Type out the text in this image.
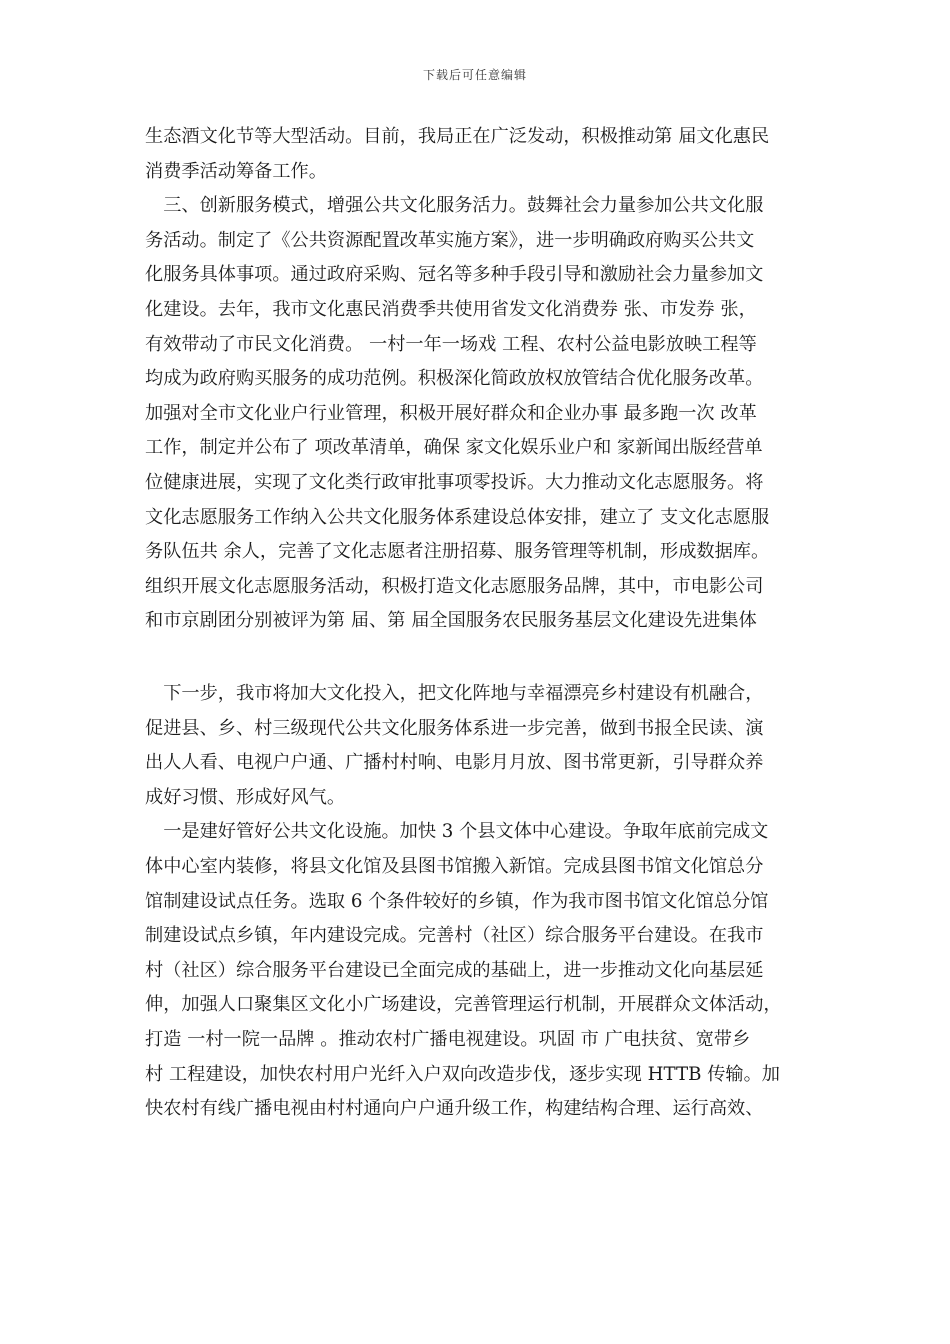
下载后可任意编辑
生态酒文化节等大型活动。目前，我局正在广泛发动，积极推动第 届文化惠民
消费季活动筹备工作。
　三、创新服务模式，增强公共文化服务活力。鼓舞社会力量参加公共文化服
务活动。制定了《公共资源配置改革实施方案》，进一步明确政府购买公共文
化服务具体事项。通过政府采购、冠名等多种手段引导和激励社会力量参加文
化建设。去年，我市文化惠民消费季共使用省发文化消费券 张、市发券 张，
有效带动了市民文化消费。 一村一年一场戏 工程、农村公益电影放映工程等
均成为政府购买服务的成功范例。积极深化简政放权放管结合优化服务改革。
加强对全市文化业户行业管理，积极开展好群众和企业办事 最多跑一次 改革
工作，制定并公布了 项改革清单，确保 家文化娱乐业户和 家新闻出版经营单
位健康进展，实现了文化类行政审批事项零投诉。大力推动文化志愿服务。将
文化志愿服务工作纳入公共文化服务体系建设总体安排，建立了 支文化志愿服
务队伍共 余人，完善了文化志愿者注册招募、服务管理等机制，形成数据库。
组织开展文化志愿服务活动，积极打造文化志愿服务品牌，其中，市电影公司
和市京剧团分别被评为第 届、第 届全国服务农民服务基层文化建设先进集体
　下一步，我市将加大文化投入，把文化阵地与幸福漂亮乡村建设有机融合，
促进县、乡、村三级现代公共文化服务体系进一步完善，做到书报全民读、演
出人人看、电视户户通、广播村村响、电影月月放、图书常更新，引导群众养
成好习惯、形成好风气。
　一是建好管好公共文化设施。加快 3 个县文体中心建设。争取年底前完成文
体中心室内装修，将县文化馆及县图书馆搬入新馆。完成县图书馆文化馆总分
馆制建设试点任务。选取 6 个条件较好的乡镇，作为我市图书馆文化馆总分馆
制建设试点乡镇，年内建设完成。完善村（社区）综合服务平台建设。在我市
村（社区）综合服务平台建设已全面完成的基础上，进一步推动文化向基层延
伸，加强人口聚集区文化小广场建设，完善管理运行机制，开展群众文体活动，
打造 一村一院一品牌 。推动农村广播电视建设。巩固 市 广电扶贫、宽带乡
村 工程建设，加快农村用户光纤入户双向改造步伐，逐步实现 HTTB 传输。加
快农村有线广播电视由村村通向户户通升级工作，构建结构合理、运行高效、
